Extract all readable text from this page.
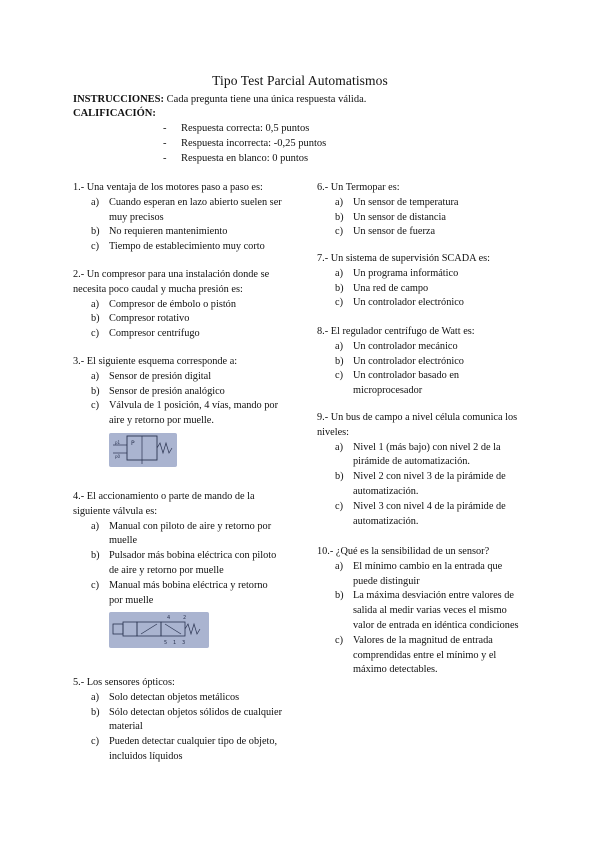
Tipo Test Parcial Automatismos
INSTRUCCIONES: Cada pregunta tiene una única respuesta válida.
CALIFICACIÓN:
- Respuesta correcta: 0,5 puntos
- Respuesta incorrecta: -0,25 puntos
- Respuesta en blanco: 0 puntos
1.- Una ventaja de los motores paso a paso es:
a) Cuando esperan en lazo abierto suelen ser muy precisos
b) No requieren mantenimiento
c) Tiempo de establecimiento muy corto
2.- Un compresor para una instalación donde se necesita poco caudal y mucha presión es:
a) Compresor de émbolo o pistón
b) Compresor rotativo
c) Compresor centrífugo
3.- El siguiente esquema corresponde a:
a) Sensor de presión digital
b) Sensor de presión analógico
c) Válvula de 1 posición, 4 vías, mando por aire y retorno por muelle.
P
p1
p0
4.- El accionamiento o parte de mando de la siguiente válvula es:
a) Manual con piloto de aire y retorno por muelle
b) Pulsador más bobina eléctrica con piloto de aire y retorno por muelle
c) Manual más bobina eléctrica y retorno por muelle
4	2
5 1 3
5.- Los sensores ópticos:
a) Solo detectan objetos metálicos
b) Sólo detectan objetos sólidos de cualquier material
c) Pueden detectar cualquier tipo de objeto, incluidos líquidos
6.- Un Termopar es:
a) Un sensor de temperatura
b) Un sensor de distancia
c) Un sensor de fuerza
7.- Un sistema de supervisión SCADA es:
a) Un programa informático
b) Una red de campo
c) Un controlador electrónico
8.- El regulador centrífugo de Watt es:
a) Un controlador mecánico
b) Un controlador electrónico
c) Un controlador basado en microprocesador
9.- Un bus de campo a nivel célula comunica los niveles:
a) Nivel 1 (más bajo) con nivel 2 de la pirámide de automatización.
b) Nivel 2 con nivel 3 de la pirámide de automatización.
c) Nivel 3 con nivel 4 de la pirámide de automatización.
10.- ¿Qué es la sensibilidad de un sensor?
a) El mínimo cambio en la entrada que puede distinguir
b) La máxima desviación entre valores de salida al medir varias veces el mismo valor de entrada en idéntica condiciones
c) Valores de la magnitud de entrada comprendidas entre el mínimo y el máximo detectables.
